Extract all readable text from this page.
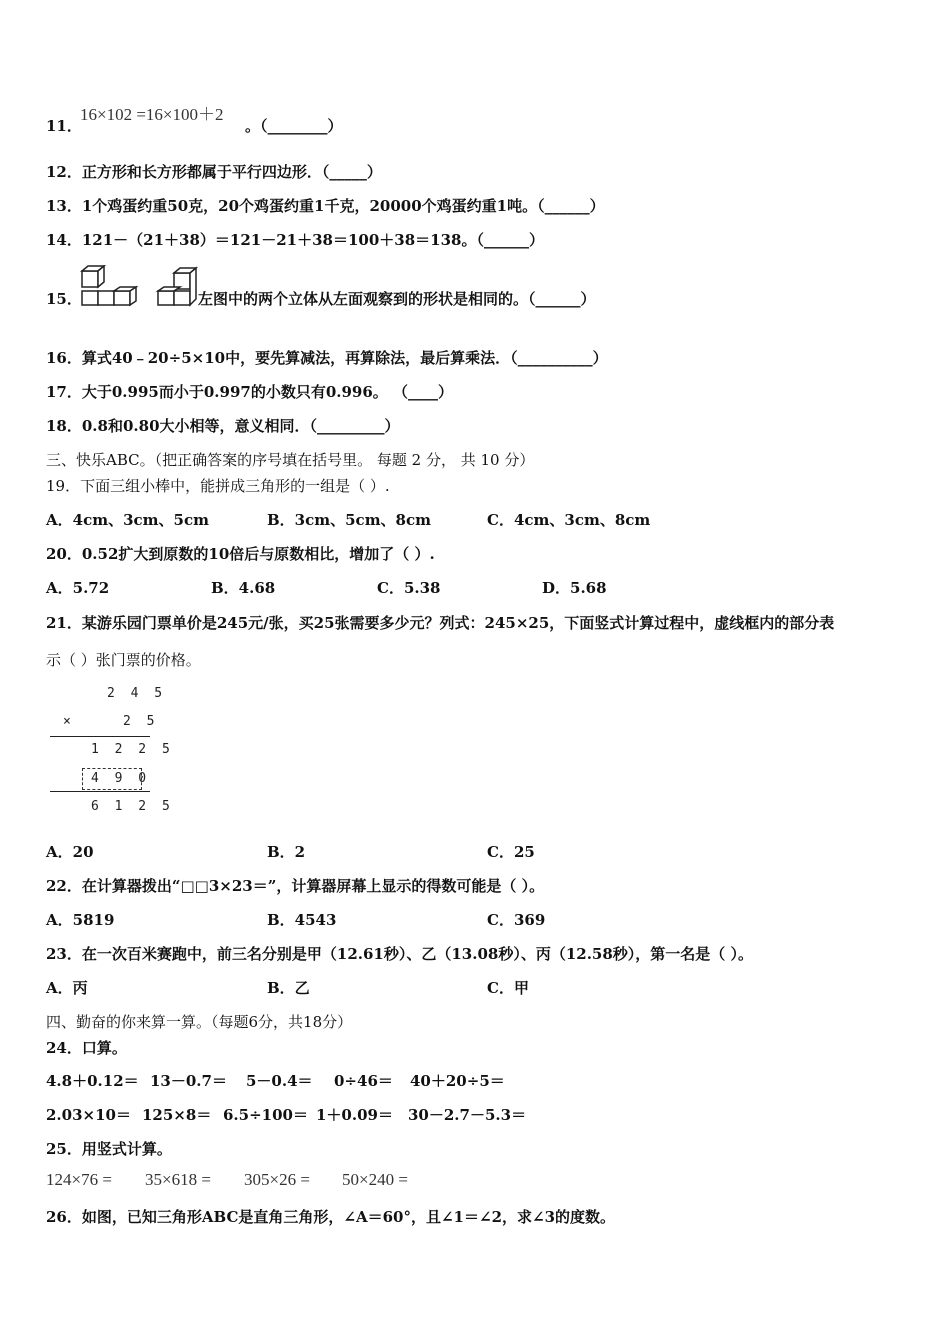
11．
16×102 =16×100＋2
。（________）
12．正方形和长方形都属于平行四边形．（_____）
13．1个鸡蛋约重50克，20个鸡蛋约重1千克，20000个鸡蛋约重1吨。（______）
14．121－（21＋38）＝121－21＋38＝100＋38＝138。（______）
15．	左图中的两个立体从左面观察到的形状是相同的。（______）
16．算式40﹣20÷5×10中，要先算减法，再算除法，最后算乘法．（__________）
17．大于0.995而小于0.997的小数只有0.996。 （____）
18．0.8和0.80大小相等，意义相同．（_________）
三、快乐ABC。（把正确答案的序号填在括号里。 每题 2 分， 共 10 分）
19．下面三组小棒中，能拼成三角形的一组是（ ）.
A．4cm、3cm、5cm	B．3cm、5cm、8cm	C．4cm、3cm、8cm
20．0.52扩大到原数的10倍后与原数相比，增加了（ ）.
A．5.72	B．4.68	C．5.38	D．5.68
21．某游乐园门票单价是245元/张，买25张需要多少元？列式：245×25，下面竖式计算过程中，虚线框内的部分表
示（ ）张门票的价格。
2 4 5
×	2 5
1 2 2 5
4 9 0
6 1 2 5
A．20	B．2	C．25
22．在计算器拨出“□□3×23＝”，计算器屏幕上显示的得数可能是（ ）。
A．5819	B．4543	C．369
23．在一次百米赛跑中，前三名分别是甲（12.61秒）、乙（13.08秒）、丙（12.58秒），第一名是（ ）。
A．丙	B．乙	C．甲
四、勤奋的你来算一算。（每题6分，共18分）
24．口算。
4.8＋0.12＝ 13－0.7＝ 5－0.4＝ 0÷46＝ 40＋20÷5＝
2.03×10＝ 125×8＝ 6.5÷100＝ 1＋0.09＝ 30－2.7－5.3＝
25．用竖式计算。
124×76 = 35×618 = 305×26 = 50×240 =
26．如图，已知三角形ABC是直角三角形，∠A＝60°，且∠1＝∠2，求∠3的度数。
